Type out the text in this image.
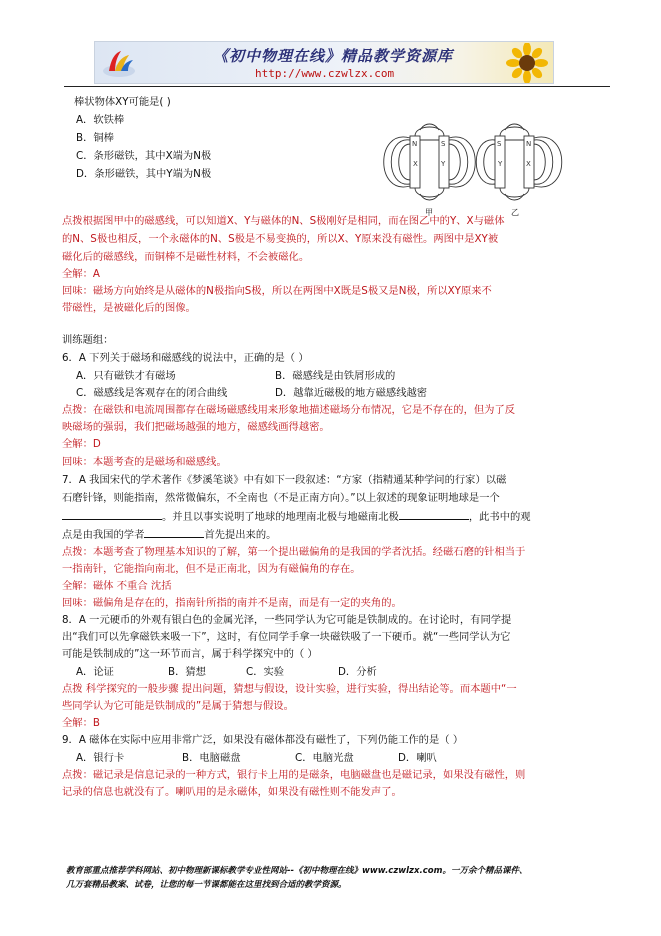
《初中物理在线》精品教学资源库
http://www.czwlzx.com
棒状物体XY可能是( )
A．软铁棒
B．铜棒
C．条形磁铁，其中X端为N极
D．条形磁铁，其中Y端为N极
N	S	S	N
X	Y	Y	X
甲	乙
点拨根据图甲中的磁感线，可以知道X、Y与磁体的N、S极刚好是相同，而在图乙中的Y、X与磁体
的N、S极也相反，一个永磁体的N、S极是不易变换的，所以X、Y原来没有磁性。两图中是XY被
磁化后的磁感线，而铜棒不是磁性材料，不会被磁化。
全解：A
回味：磁场方向始终是从磁体的N极指向S极，所以在两图中X既是S极又是N极，所以XY原来不
带磁性，是被磁化后的图像。
训练题组：
6．A 下列关于磁场和磁感线的说法中，正确的是（ ）
A．只有磁铁才有磁场	B．磁感线是由铁屑形成的
C．磁感线是客观存在的闭合曲线	D．越靠近磁极的地方磁感线越密
点拨：在磁铁和电流周围都存在磁场磁感线用来形象地描述磁场分布情况，它是不存在的，但为了反
映磁场的强弱，我们把磁场越强的地方，磁感线画得越密。
全解：D
回味：本题考查的是磁场和磁感线。
7．A 我国宋代的学术著作《梦溪笔谈》中有如下一段叙述：“方家（指精通某种学问的行家）以磁
石磨针锋，则能指南，然常微偏东，不全南也（不是正南方向）。”以上叙述的现象证明地球是一个
。并且以事实说明了地球的地理南北极与地磁南北极	，此书中的观
点是由我国的学者	首先提出来的。
点拨：本题考查了物理基本知识的了解，第一个提出磁偏角的是我国的学者沈括。经磁石磨的针相当于
一指南针，它能指向南北，但不是正南北，因为有磁偏角的存在。
全解：磁体 不重合 沈括
回味：磁偏角是存在的，指南针所指的南并不是南，而是有一定的夹角的。
8．A 一元硬币的外观有银白色的金属光泽，一些同学认为它可能是铁制成的。在讨论时，有同学提
出“我们可以先拿磁铁来吸一下”，这时，有位同学手拿一块磁铁吸了一下硬币。就“一些同学认为它
可能是铁制成的”这一环节而言，属于科学探究中的（ ）
A．论证	B．猜想	C．实验	D．分析
点拨 科学探究的一般步骤 提出问题，猜想与假设，设计实验，进行实验，得出结论等。而本题中“一
些同学认为它可能是铁制成的”是属于猜想与假设。
全解：B
9．A 磁体在实际中应用非常广泛，如果没有磁体都没有磁性了，下列仍能工作的是（ ）
A．银行卡	B．电脑磁盘	C．电脑光盘	D．喇叭
点拨：磁记录是信息记录的一种方式，银行卡上用的是磁条，电脑磁盘也是磁记录，如果没有磁性，则
记录的信息也就没有了。喇叭用的是永磁体，如果没有磁性则不能发声了。
教育部重点推荐学科网站、初中物理新课标教学专业性网站--《初中物理在线》www.czwlzx.com。一万余个精品课件、
几万套精品教案、试卷，让您的每一节课都能在这里找到合适的教学资源。
